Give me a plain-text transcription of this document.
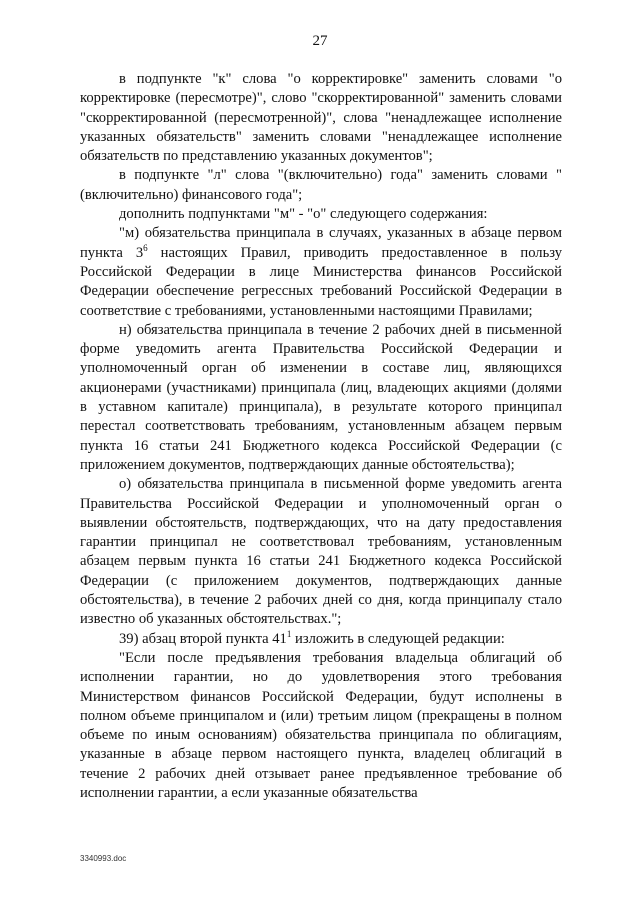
27

в подпункте "к" слова "о корректировке" заменить словами "о корректировке (пересмотре)", слово "скорректированной" заменить словами "скорректированной (пересмотренной)", слова "ненадлежащее исполнение указанных обязательств" заменить словами "ненадлежащее исполнение обязательств по представлению указанных документов";

в подпункте "л" слова "(включительно) года" заменить словами "(включительно) финансового года";

дополнить подпунктами "м" - "о" следующего содержания:

"м) обязательства принципала в случаях, указанных в абзаце первом пункта $3^6$ настоящих Правил, приводить предоставленное в пользу Российской Федерации в лице Министерства финансов Российской Федерации обеспечение регрессных требований Российской Федерации в соответствие с требованиями, установленными настоящими Правилами;

н) обязательства принципала в течение 2 рабочих дней в письменной форме уведомить агента Правительства Российской Федерации и уполномоченный орган об изменении в составе лиц, являющихся акционерами (участниками) принципала (лиц, владеющих акциями (долями в уставном капитале) принципала), в результате которого принципал перестал соответствовать требованиям, установленным абзацем первым пункта 16 статьи 241 Бюджетного кодекса Российской Федерации (с приложением документов, подтверждающих данные обстоятельства);

о) обязательства принципала в письменной форме уведомить агента Правительства Российской Федерации и уполномоченный орган о выявлении обстоятельств, подтверждающих, что на дату предоставления гарантии принципал не соответствовал требованиям, установленным абзацем первым пункта 16 статьи 241 Бюджетного кодекса Российской Федерации (с приложением документов, подтверждающих данные обстоятельства), в течение 2 рабочих дней со дня, когда принципалу стало известно об указанных обстоятельствах.";

39) абзац второй пункта $41^1$ изложить в следующей редакции:

"Если после предъявления требования владельца облигаций об исполнении гарантии, но до удовлетворения этого требования Министерством финансов Российской Федерации, будут исполнены в полном объеме принципалом и (или) третьим лицом (прекращены в полном объеме по иным основаниям) обязательства принципала по облигациям, указанные в абзаце первом настоящего пункта, владелец облигаций в течение 2 рабочих дней отзывает ранее предъявленное требование об исполнении гарантии, а если указанные обязательства

3340993.doc
